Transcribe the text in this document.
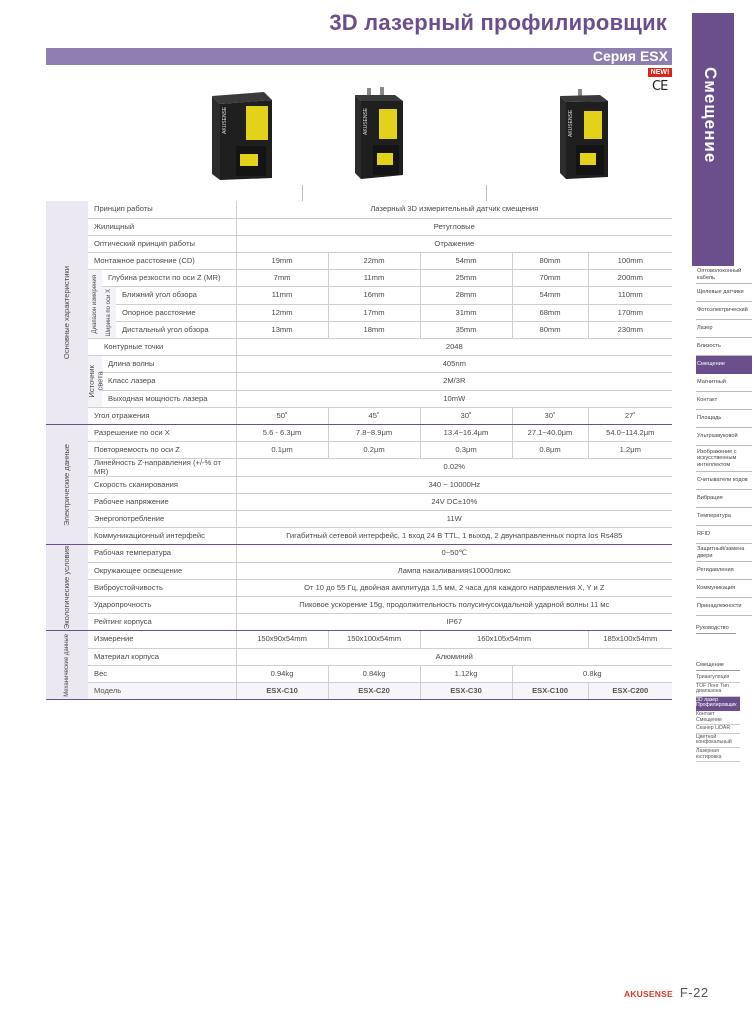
3D лазерный профилировщик
Серия ESX
NEW!
CE
AKUSENSE	AKUSENSE	AKUSENSE	Смещение
Оптоволоконный кабель
Щелевые датчики
Фотоэлектрический
Лазер
Близость
Смещение
Магнитный
Контакт
Площадь
Ультразвуковой
Изображение с искусственным интеллектом
Считыватели кодов
Вибрация
Температура
RFID
Защитный/замена двери
Регидавления
Коммуникация
Принадлежности
Руководство
Смещение
Триангуляция
TOF Лонг Тип диапазона
3D лазер Профилировщик
Контакт Смещение
Сканер LiDAR
Цветной конфокальный
Лазерная юстировка
Основные характеристики	Принцип работы			Лазерный 3D измерительный датчик смещения				
	Жилищный			Ретугловые				
	Оптический принцип работы			Отражение				
	Монтажное расстояние (CD)			19mm	22mm	54mm	80mm	100mm

	Диапазон измерения	Глубина резкости по оси Z (MR)		7mm	11mm	25mm	70mm	200mm

		Ширина по оси X	Ближний угол обзора	11mm	16mm	28mm	54mm	110mm
			Опорное расстояние	12mm	17mm	31mm	68mm	170mm
			Дистальный угол обзора	13mm	18mm	35mm	80mm	230mm
	Контурные точки			2048				

	Источник света	Длина волны		405nm				
		Класс лазера		2M/3R				
		Выходная мощность лазера		10mW				
	Угол отражения			50˚	45˚	30˚	30˚	27˚

Электрические данные	Разрешение по оси X			5.6 - 6.3μm	7.8~8.9μm	13.4~16.4μm	27.1~40.0μm	54.0~114.2μm
	Повторяемость по оси Z			0.1μm	0.2μm	0.3μm	0.8μm	1.2μm
	Линейность Z-направления (+/-% от MR)			0.02%				
	Скорость сканирования			340 ~ 10000Hz				
	Рабочее напряжение			24V DC±10%				
	Энергопотребление			11W				
	Коммуникационный интерфейс			Гигабитный сетевой интерфейс, 1 вход 24 В TTL, 1 выход, 2 двунаправленных порта Ios Rs485				

Экологические условия	Рабочая температура			0~50℃				
	Окружающее освещение			Лампа накаливания≤10000люкс				
	Виброустойчивость			От 10 до 55 Гц, двойная амплитуда 1,5 мм, 2 часа для каждого направления X, Y и Z				
	Ударопрочность			Пиковое ускорение 15g, продолжительность полусинусоидальной ударной волны 11 мс				
	Рейтинг корпуса			IP67				

Механические данные	Измерение			150x90x54mm	150x100x54mm	160x105x54mm		185x100x54mm
	Материал корпуса			Алюминий				
	Вес			0.94kg	0.84kg	1.12kg	0.8kg	
	Модель			ESX-C10	ESX-C20	ESX-C30	ESX-C100	ESX-C200
AKUSENSE F-22
